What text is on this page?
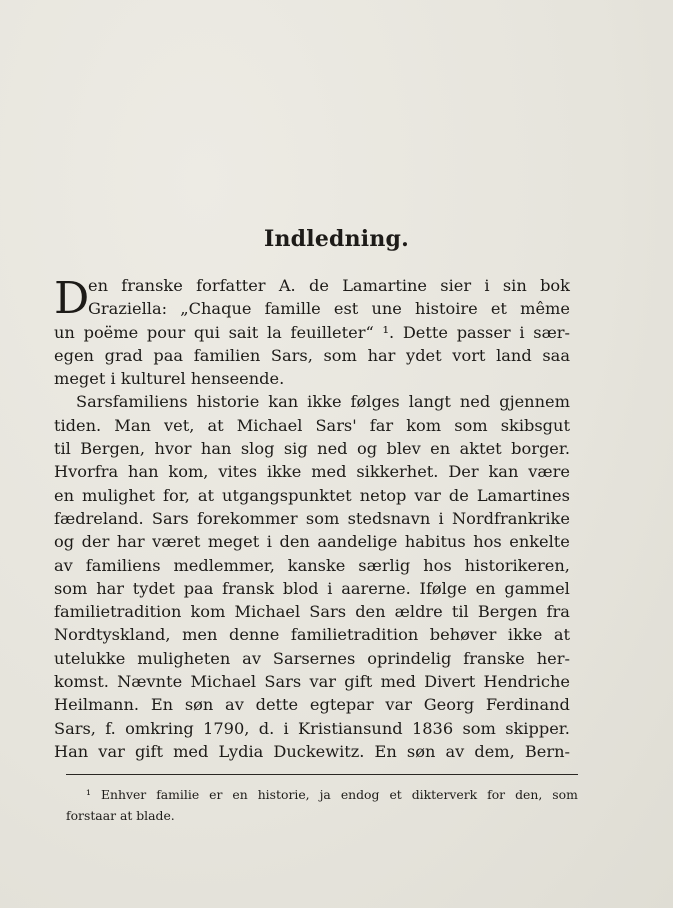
Indledning.
D
en franske forfatter A. de Lamartine sier i sin bok
Graziella: „Chaque famille est une histoire et même
un poëme pour qui sait la feuilleter“ ¹. Dette passer i sær-
egen grad paa familien Sars, som har ydet vort land saa
meget i kulturel henseende.
Sarsfamiliens historie kan ikke følges langt ned gjennem
tiden. Man vet, at Michael Sars' far kom som skibsgut
til Bergen, hvor han slog sig ned og blev en aktet borger.
Hvorfra han kom, vites ikke med sikkerhet. Der kan være
en mulighet for, at utgangspunktet netop var de Lamartines
fædreland. Sars forekommer som stedsnavn i Nordfrankrike
og der har været meget i den aandelige habitus hos enkelte
av familiens medlemmer, kanske særlig hos historikeren,
som har tydet paa fransk blod i aarerne. Ifølge en gammel
familietradition kom Michael Sars den ældre til Bergen fra
Nordtyskland, men denne familietradition behøver ikke at
utelukke muligheten av Sarsernes oprindelig franske her-
komst. Nævnte Michael Sars var gift med Divert Hendriche
Heilmann. En søn av dette egtepar var Georg Ferdinand
Sars, f. omkring 1790, d. i Kristiansund 1836 som skipper.
Han var gift med Lydia Duckewitz. En søn av dem, Bern-
¹ Enhver familie er en historie, ja endog et dikterverk for den, som
forstaar at blade.
